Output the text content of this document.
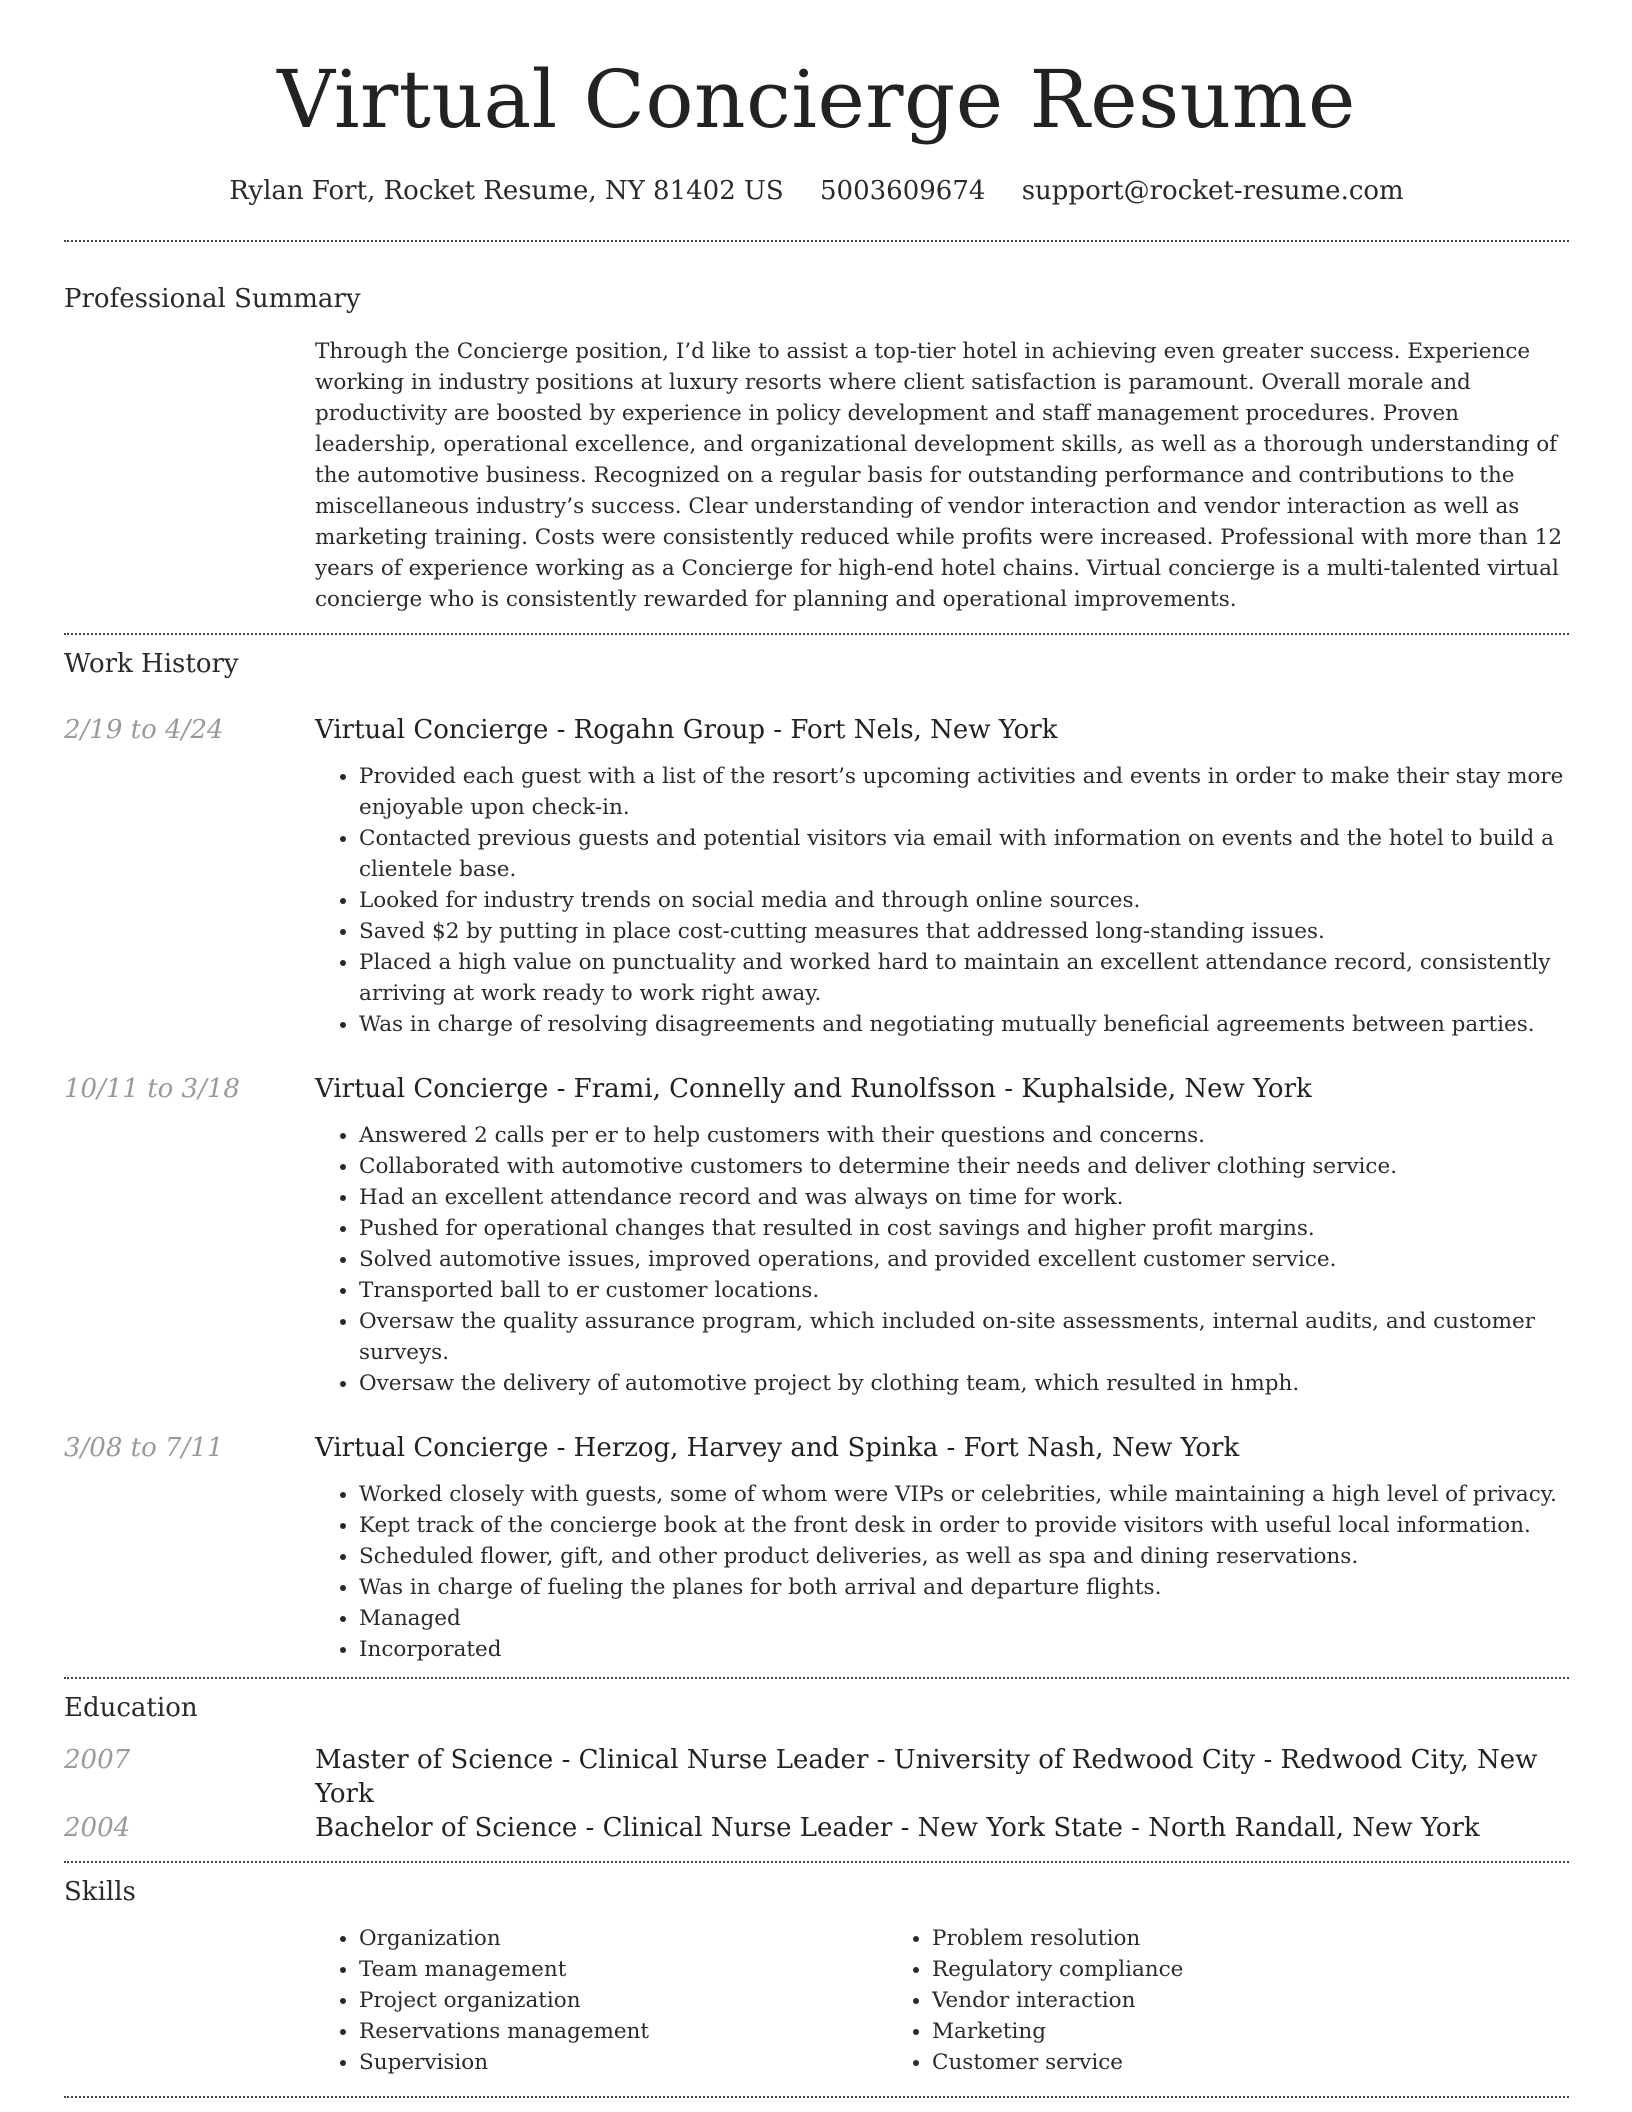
Virtual Concierge Resume
Rylan Fort, Rocket Resume, NY 81402 US 5003609674 support@rocket-resume.com
Professional Summary
Through the Concierge position, I’d like to assist a top-tier hotel in achieving even greater success. Experience working in industry positions at luxury resorts where client satisfaction is paramount. Overall morale and productivity are boosted by experience in policy development and staff management procedures. Proven leadership, operational excellence, and organizational development skills, as well as a thorough understanding of the automotive business. Recognized on a regular basis for outstanding performance and contributions to the miscellaneous industry’s success. Clear understanding of vendor interaction and vendor interaction as well as marketing training. Costs were consistently reduced while profits were increased. Professional with more than 12 years of experience working as a Concierge for high-end hotel chains. Virtual concierge is a multi-talented virtual concierge who is consistently rewarded for planning and operational improvements.
Work History
2/19 to 4/24	Virtual Concierge - Rogahn Group - Fort Nels, New York
• Provided each guest with a list of the resort’s upcoming activities and events in order to make their stay more enjoyable upon check-in.
• Contacted previous guests and potential visitors via email with information on events and the hotel to build a clientele base.
• Looked for industry trends on social media and through online sources.
• Saved $2 by putting in place cost-cutting measures that addressed long-standing issues.
• Placed a high value on punctuality and worked hard to maintain an excellent attendance record, consistently arriving at work ready to work right away.
• Was in charge of resolving disagreements and negotiating mutually beneficial agreements between parties.
10/11 to 3/18	Virtual Concierge - Frami, Connelly and Runolfsson - Kuphalside, New York
• Answered 2 calls per er to help customers with their questions and concerns.
• Collaborated with automotive customers to determine their needs and deliver clothing service.
• Had an excellent attendance record and was always on time for work.
• Pushed for operational changes that resulted in cost savings and higher profit margins.
• Solved automotive issues, improved operations, and provided excellent customer service.
• Transported ball to er customer locations.
• Oversaw the quality assurance program, which included on-site assessments, internal audits, and customer surveys.
• Oversaw the delivery of automotive project by clothing team, which resulted in hmph.
3/08 to 7/11	Virtual Concierge - Herzog, Harvey and Spinka - Fort Nash, New York
• Worked closely with guests, some of whom were VIPs or celebrities, while maintaining a high level of privacy.
• Kept track of the concierge book at the front desk in order to provide visitors with useful local information.
• Scheduled flower, gift, and other product deliveries, as well as spa and dining reservations.
• Was in charge of fueling the planes for both arrival and departure flights.
• Managed
• Incorporated
Education
2007	Master of Science - Clinical Nurse Leader - University of Redwood City - Redwood City, New York
2004	Bachelor of Science - Clinical Nurse Leader - New York State - North Randall, New York
Skills
• Organization
• Team management
• Project organization
• Reservations management
• Supervision
• Problem resolution
• Regulatory compliance
• Vendor interaction
• Marketing
• Customer service
